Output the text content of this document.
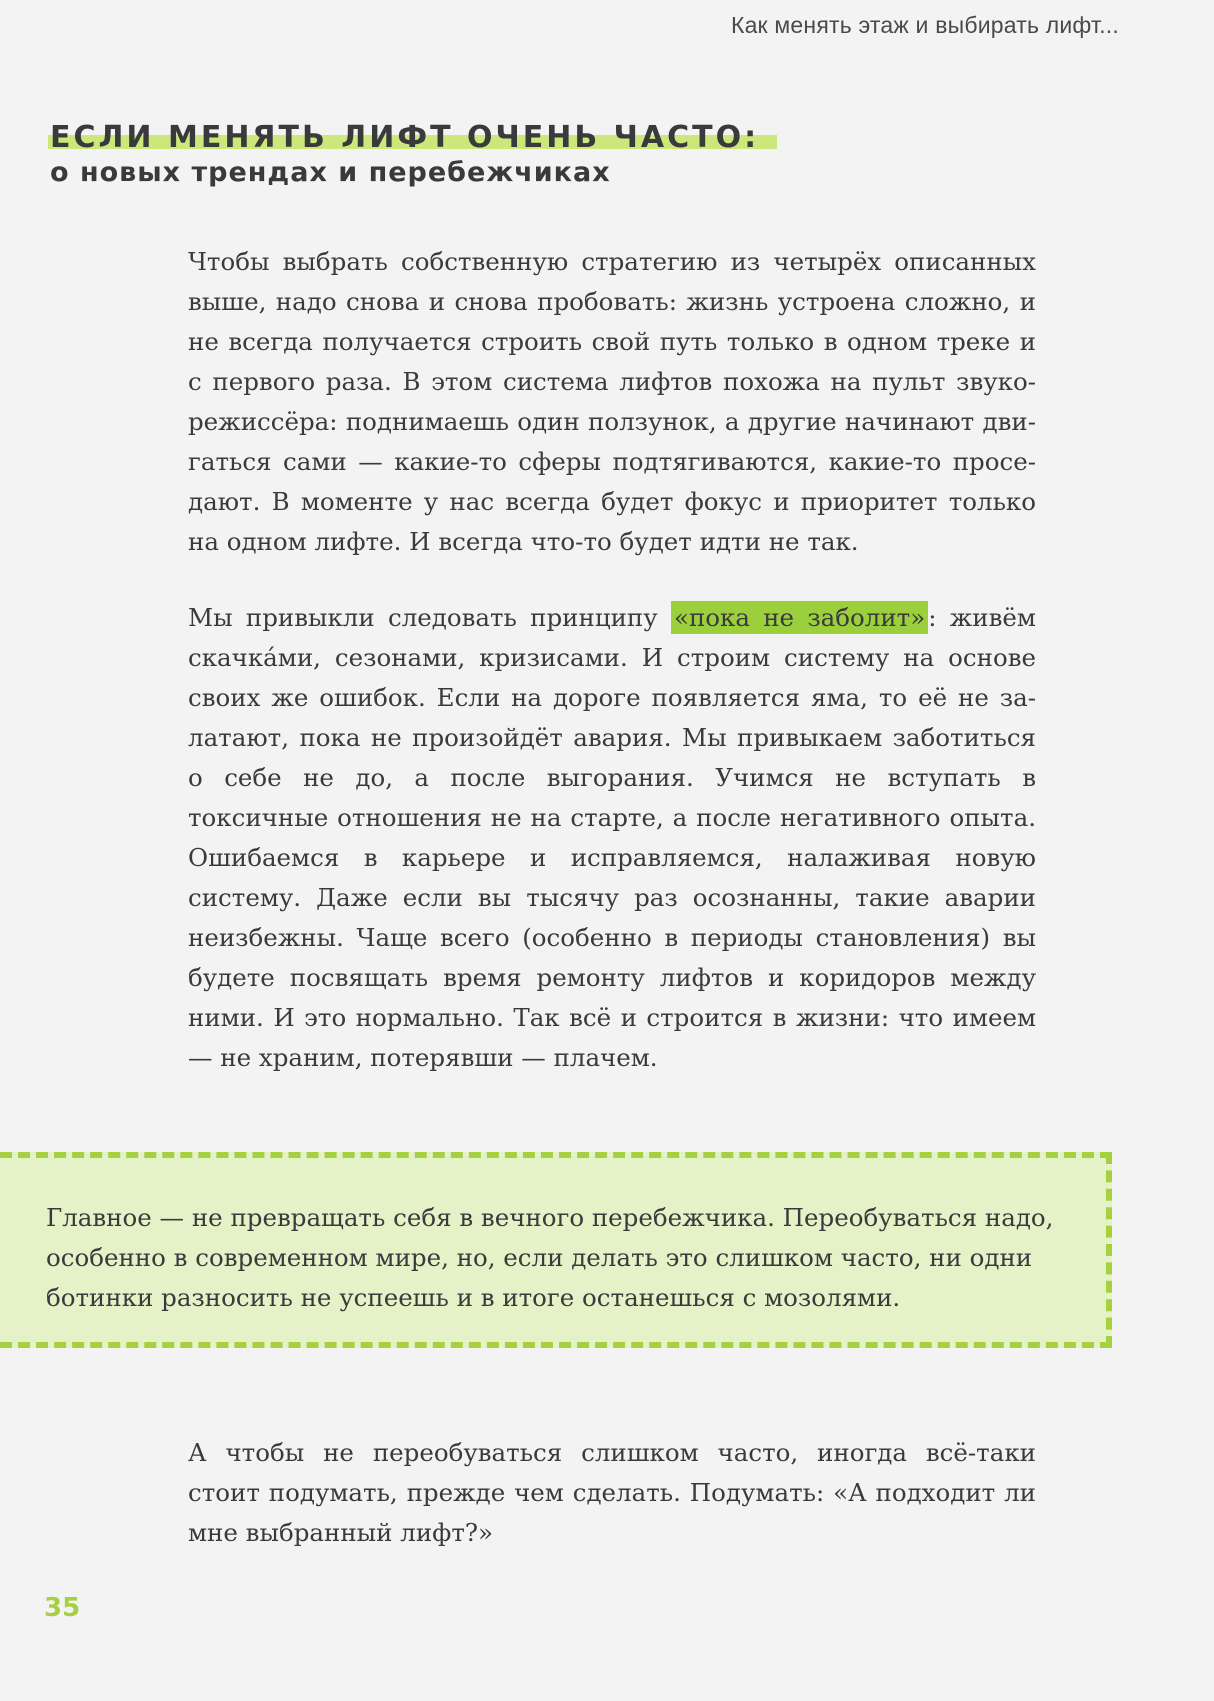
Как менять этаж и выбирать лифт...
ЕСЛИ МЕНЯТЬ ЛИФТ ОЧЕНЬ ЧАСТО:
о новых трендах и перебежчиках

Чтобы выбрать собственную стратегию из четырёх описанных выше, надо снова и снова пробовать: жизнь устроена сложно, и не всегда получается строить свой путь только в одном треке и с первого раза. В этом система лифтов похожа на пульт звукорежиссёра: поднимаешь один ползунок, а другие начинают двигаться сами — какие-то сферы подтягиваются, какие-то проседают. В моменте у нас всегда будет фокус и приоритет только на одном лифте. И всегда что-то будет идти не так.

Мы привыкли следовать принципу «пока не заболит» : живём скачка́ми, сезонами, кризисами. И строим систему на основе своих же ошибок. Если на дороге появляется яма, то её не залатают, пока не произойдёт авария. Мы привыкаем заботиться о себе не до, а после выгорания. Учимся не вступать в токсичные отношения не на старте, а после негативного опыта. Ошибаемся в карьере и исправляемся, налаживая новую систему. Даже если вы тысячу раз осознанны, такие аварии неизбежны. Чаще всего (особенно в периоды становления) вы будете посвящать время ремонту лифтов и коридоров между ними. И это нормально. Так всё и строится в жизни: что имеем — не храним, потерявши — плачем.

Главное — не превращать себя в вечного перебежчика. Переобуваться надо, особенно в современном мире, но, если делать это слишком часто, ни одни ботинки разносить не успеешь и в итоге останешься с мозолями.

А чтобы не переобуваться слишком часто, иногда всё-таки стоит подумать, прежде чем сделать. Подумать: «А подходит ли мне выбранный лифт?»

35
